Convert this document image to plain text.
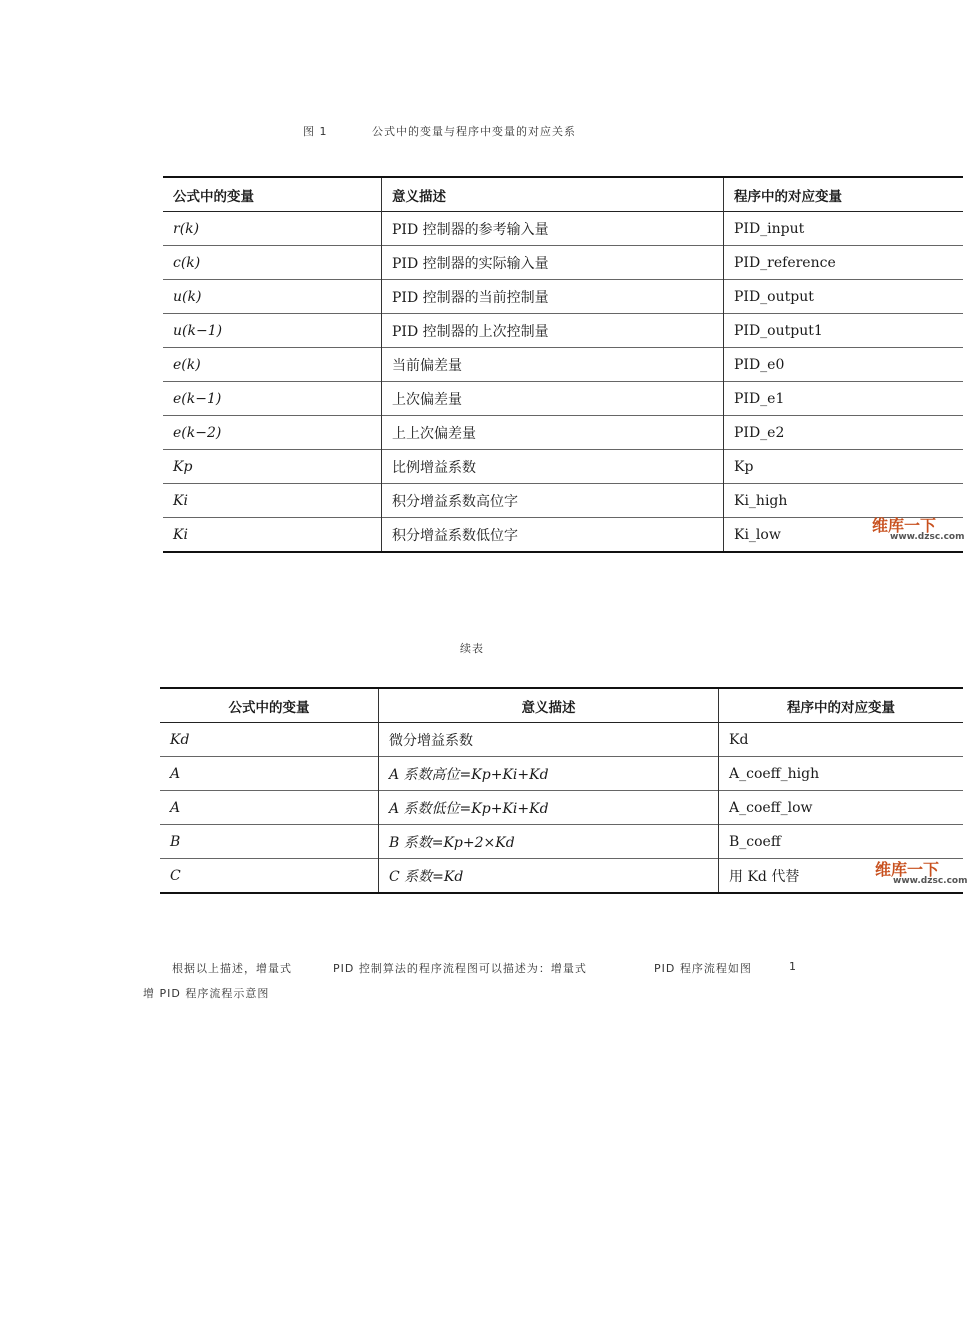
图 1	公式中的变量与程序中变量的对应关系
公式中的变量	意义描述	程序中的对应变量
r(k)	PID 控制器的参考输入量	PID_input
c(k)	PID 控制器的实际输入量	PID_reference
u(k)	PID 控制器的当前控制量	PID_output
u(k−1)	PID 控制器的上次控制量	PID_output1
e(k)	当前偏差量	PID_e0
e(k−1)	上次偏差量	PID_e1
e(k−2)	上上次偏差量	PID_e2
Kp	比例增益系数	Kp
Ki	积分增益系数高位字	Ki_high
Ki	积分增益系数低位字	Ki_low	维库一下
www.dzsc.com
续表
公式中的变量	意义描述	程序中的对应变量
Kd	微分增益系数	Kd
A	A 系数高位=Kp+Ki+Kd	A_coeff_high
A	A 系数低位=Kp+Ki+Kd	A_coeff_low
B	B 系数=Kp+2×Kd	B_coeff
C	C 系数=Kd	用 Kd 代替	维库一下
www.dzsc.com
根据以上描述，增量式	PID 控制算法的程序流程图可以描述为：增量式	PID 程序流程如图	1
增 PID 程序流程示意图
